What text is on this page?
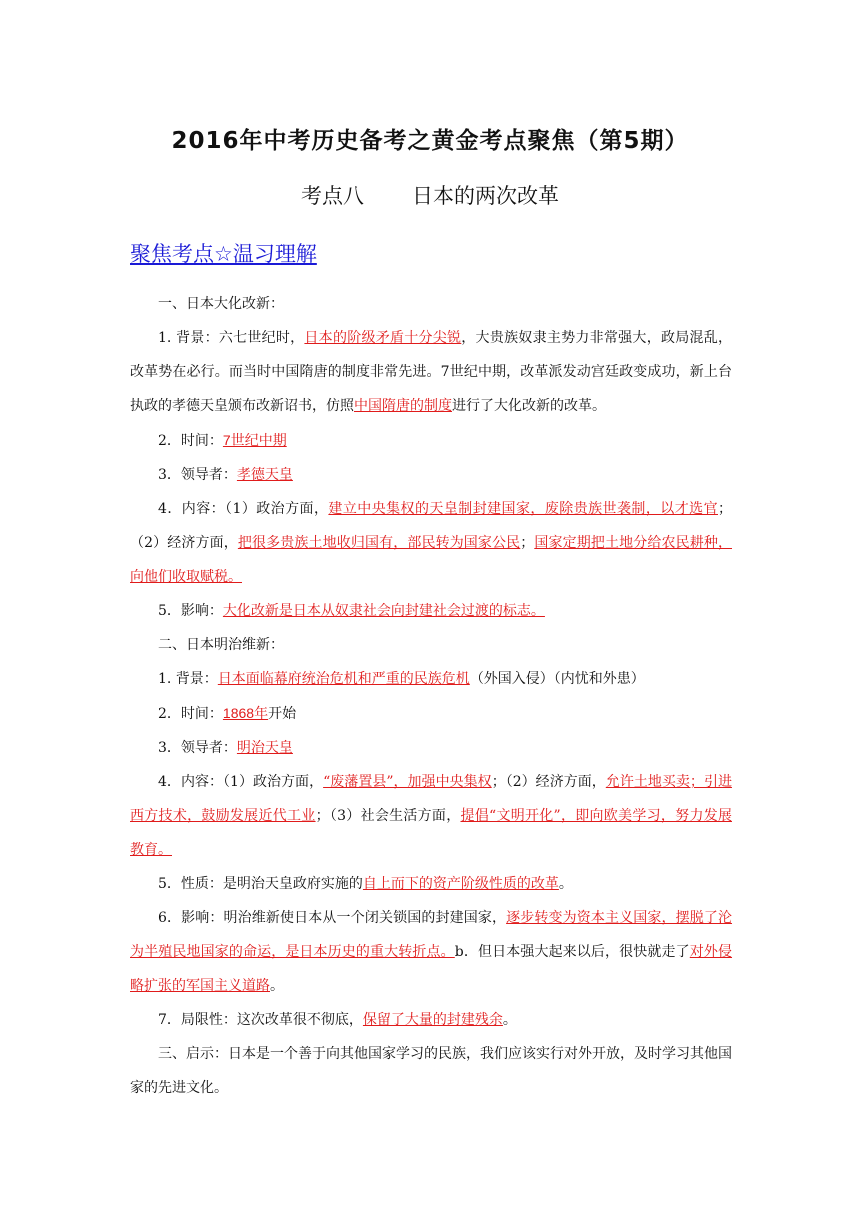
2016年中考历史备考之黄金考点聚焦（第5期）
考点八 日本的两次改革
聚焦考点☆温习理解

一、日本大化改新：

1. 背景：六七世纪时，日本的阶级矛盾十分尖锐，大贵族奴隶主势力非常强大，政局混乱，改革势在必行。而当时中国隋唐的制度非常先进。7世纪中期，改革派发动宫廷政变成功，新上台执政的孝德天皇颁布改新诏书，仿照中国隋唐的制度进行了大化改新的改革。

2．时间：7世纪中期

3．领导者：孝德天皇

4．内容：（1）政治方面，建立中央集权的天皇制封建国家，废除贵族世袭制，以才选官；（2）经济方面，把很多贵族土地收归国有，部民转为国家公民；国家定期把土地分给农民耕种，向他们收取赋税。

5．影响：大化改新是日本从奴隶社会向封建社会过渡的标志。

二、日本明治维新：

1. 背景：日本面临幕府统治危机和严重的民族危机（外国入侵）（内忧和外患）

2．时间：1868年开始

3．领导者：明治天皇

4．内容：（1）政治方面，“废藩置县”，加强中央集权；（2）经济方面，允许土地买卖；引进西方技术，鼓励发展近代工业；（3）社会生活方面，提倡“文明开化”，即向欧美学习，努力发展教育。

5．性质：是明治天皇政府实施的自上而下的资产阶级性质的改革。

6．影响：明治维新使日本从一个闭关锁国的封建国家，逐步转变为资本主义国家，摆脱了沦为半殖民地国家的命运，是日本历史的重大转折点。b．但日本强大起来以后，很快就走了对外侵略扩张的军国主义道路。

7．局限性：这次改革很不彻底，保留了大量的封建残余。

三、启示：日本是一个善于向其他国家学习的民族，我们应该实行对外开放，及时学习其他国家的先进文化。
